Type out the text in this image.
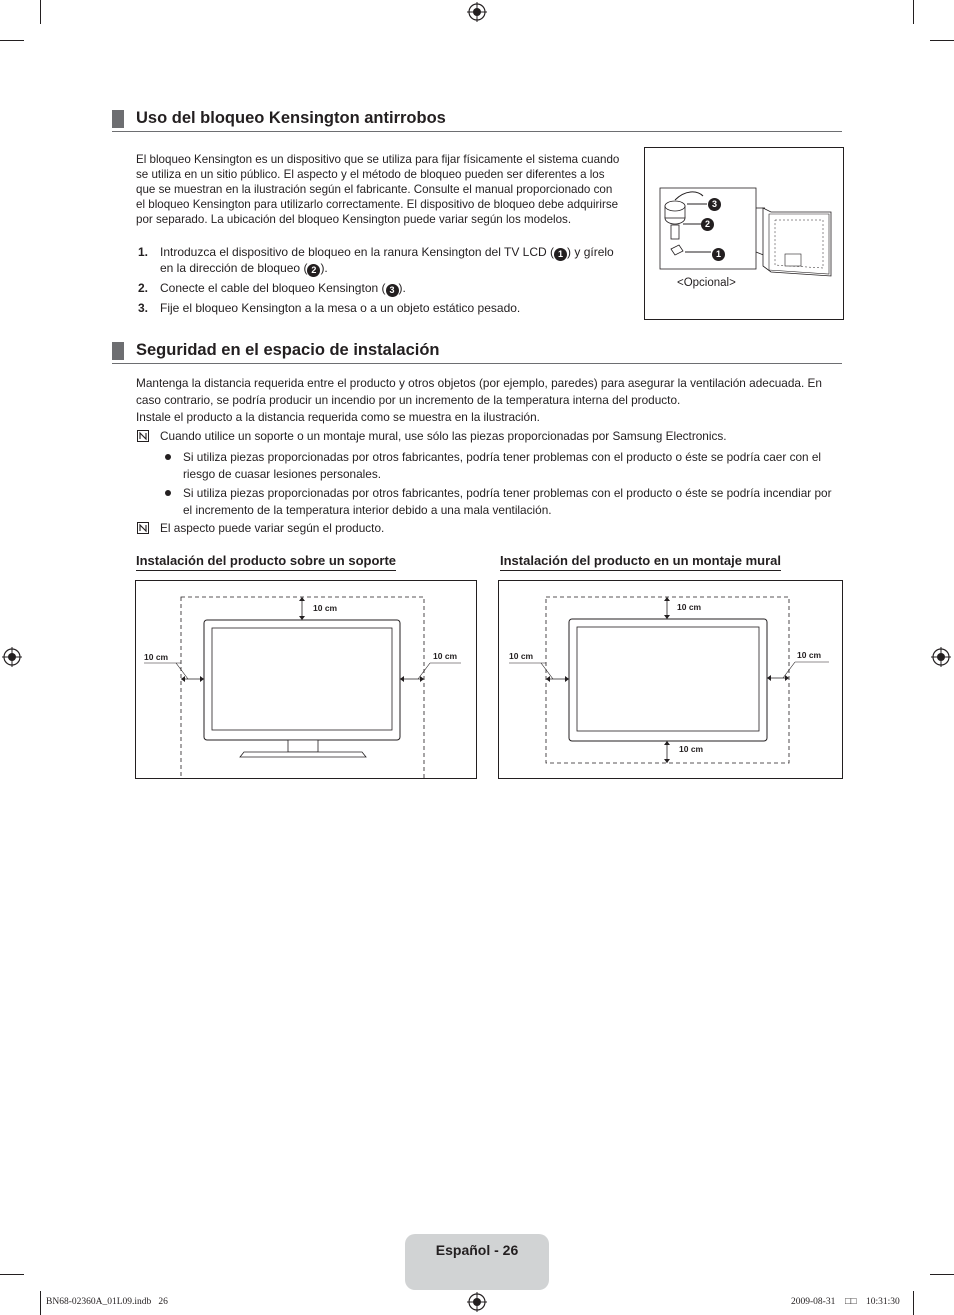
Uso del bloqueo Kensington antirrobos
El bloqueo Kensington es un dispositivo que se utiliza para fijar físicamente el sistema cuando se utiliza en un sitio público. El aspecto y el método de bloqueo pueden ser diferentes a los que se muestran en la ilustración según el fabricante. Consulte el manual proporcionado con el bloqueo Kensington para utilizarlo correctamente. El dispositivo de bloqueo debe adquirirse por separado. La ubicación del bloqueo Kensington puede variar según los modelos.
1. Introduzca el dispositivo de bloqueo en la ranura Kensington del TV LCD ( 1 ) y gírelo
en la dirección de bloqueo ( 2 ).
2. Conecte el cable del bloqueo Kensington ( 3 ).
3. Fije el bloqueo Kensington a la mesa o a un objeto estático pesado.
3
2
1
<Opcional>
Seguridad en el espacio de instalación
Mantenga la distancia requerida entre el producto y otros objetos (por ejemplo, paredes) para asegurar la ventilación adecuada. En caso contrario, se podría producir un incendio por un incremento de la temperatura interna del producto.
Instale el producto a la distancia requerida como se muestra en la ilustración.
Cuando utilice un soporte o un montaje mural, use sólo las piezas proporcionadas por Samsung Electronics.
Si utiliza piezas proporcionadas por otros fabricantes, podría tener problemas con el producto o éste se podría caer con el riesgo de cuasar lesiones personales.
Si utiliza piezas proporcionadas por otros fabricantes, podría tener problemas con el producto o éste se podría incendiar por el incremento de la temperatura interior debido a una mala ventilación.
El aspecto puede variar según el producto.
Instalación del producto sobre un soporte	Instalación del producto en un montaje mural
10 cm
10 cm	10 cm
10 cm
10 cm	10 cm
10 cm
Español - 26
BN68-02360A_01L09.indb   26	2009-08-31 □□ 10:31:30
